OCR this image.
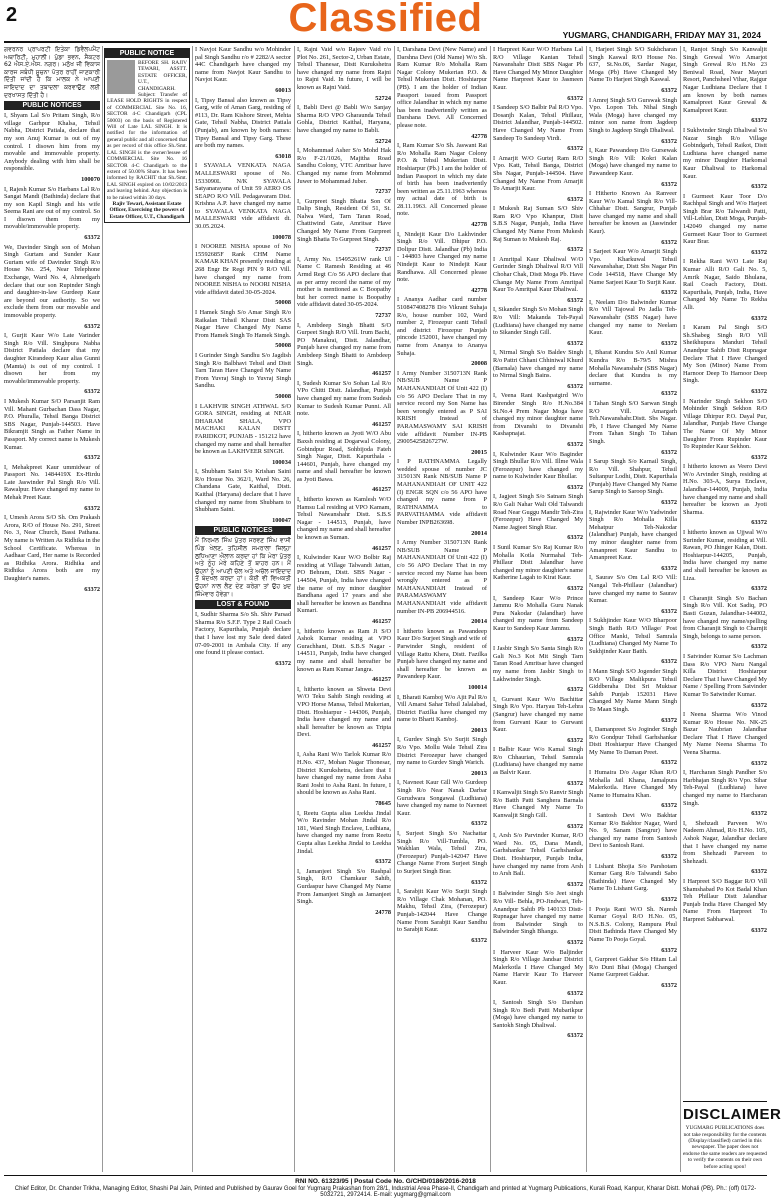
2	Classified	YUGMARG, CHANDIGARH, FRIDAY MAY 31, 2024
ਗਵਰਨਰ ਪ੍ਰਾਪਰਟੀ ਇਤੇਕਾ ਡਿਵੈਲਪਮੈਂਟ ਅਥਾਰਿਟੀ, ਮੁਹਾਲੀ। ਪੁੱਡਾ ਭਵਨ, ਸੈਕਟਰ 62 ਐਸ.ਏ.ਐਸ. ਨਗਰ। ਮਨੁੱਖ ਜੀ ਵਿਕਾਸ ਕਾਰਜ ਸਬੰਧੀ ਸੂਚਨਾ ਪੱਤਰ ਰਾਹੀਂ ਜਾਣਕਾਰੀ ਦਿੱਤੀ ਜਾਂਦੀ ਹੈ ਕਿ ਮਾਲਕ ਨੇ ਆਪਣੀ ਜਾਇਦਾਦ ਦਾ ਤਬਾਦਲਾ ਕਰਵਾਉਣ ਲਈ ਦਰਖਾਸਤ ਦਿੱਤੀ ਹੈ।
PUBLIC NOTICES

I, Shyam Lal S/o Pritam Singh, R/o village Garhpur Khalsa, Tehsil Nabha, District Patiala, declare that my son Anuj Kumar is out of my control. I disown him from my movable and immovable property. Anybody dealing with him shall be responsible.

100070

I, Rajesh Kumar S/o Harbans Lal R/o Sangat Mandi (Bathinda) declare that my son Kapil Singh and his wife Seema Rani are out of my control. So I disown them from my movable/immovable property.

63372

We, Davinder Singh son of Mohan Singh Gurtam and Sunder Kaur Gurtam wife of Davinder Singh R/o House No. 254, Near Telephone Exchange, Ward No. 4, Ahmedgarh declare that our son Rupinder Singh and daughter-in-law Gurdeep Kaur are beyond our authority. So we exclude them from our movable and immovable property.

63372

I, Gurjit Kaur W/o Late Varinder Singh R/o Vill. Singhpura Nabha District Patiala declare that my daughter Kirandeep Kaur alias Gunni (Mamta) is out of my control. I disown her from my movable/immovable property.

63372

I Mukesh Kumar S/O Parsanjit Ram Vill. Mahant Gurbachan Dass Nagar, P.O. Phuralla, Tehsil Banga District SBS Nagar, Punjab-144503. Have Bikramjit Singh as Father Name in Passport. My correct name is Mukesh Kumar.

63372

I, Mehakpreet Kaur ummidwar of Passport No. 1484419X Ex-Hirdu Late Jaswinder Pal Singh R/o Vill. Rawalpur. Have changed my name to Mehak Preet Kaur.

63372

I, Umesh Arora S/O Sh. Om Prakash Arora, R/O of House No. 291, Street No. 3, Near Church, Bassi Pathana. My name is Written As Ridhika in the School Certificate. Whereas in Aadhaar Card, Her name is Recorded as Ridhika Arora. Ridhika and Ridhika Arora both are my Daughter's names.

63372
PUBLIC NOTICE
BEFORE SH. RAJIV TEWARI, ASSTT. ESTATE OFFICER, U.T., CHANDIGARH. Subject: Transfer of LEASE HOLD RIGHTS in respect of COMMERCIAL Site No. 16, SECTOR 4-C Chandigarh (CPL 50003) on the basis of Registered Will of Late LAL SINGH. It is notified for the information of general public and all concerned that as per record of this office Sh./Smt. LAL SINGH is the owner/lessee of COMMERCIAL Site No. 16 SECTOR 4-C Chandigarh to the extent of 50.00% Share. It has been informed by RACHIT that Sh./Smt. LAL SINGH expired on 10/02/2013 and leaving behind. Any objection is to be raised within 30 days.
Rajiv Tewari, Assistant Estate Officer, Exercising the powers of Estate Officer, U.T., Chandigarh

I Navjot Kaur Sandhu w/o Mohinder pal Singh Sandhu r/o # 2282/A sector 44C Chandigarh have changed my name from Navjot Kaur Sandhu to Navjot Kaur.

60013

I, Tipsy Bansal also known as Tipsy Garg, wife of Aman Garg, residing of #113, Dr. Ram Kishore Street, Mehta Gate, Tehsil Nabha, District Patiala (Punjab), am known by both names: Tipsy Bansal and Tipsy Garg. These are both my names.

63018

I SYAVALA VENKATA NAGA MALLESWARI spouse of No. 1533090L N/K SYAVALA Satyanarayana of Unit 59 AERO OS SEAPO R/O Vill. Pedagavaram Dist. Krishna A.P. have changed my name to SYAVALA VENKATA NAGA MALLESWARI vide affidavit dt. 30.05.2024.

100078

I NOOREE NISHA spouse of No 15592685F Rank CHM Name KAMAR KHAN presently residing at 268 Engr Br Regt PIN 9 R/O Vill. have changed my name from NOOREE NISHA to NOORI NISHA vide affidavit dated 30-05-2024.

50008

I Hamek Singh S/o Amar Singh R/o Raikalan Tehsil Kharar Distt SAS Nagar Have Changed My Name From Hamek Singh To Hamek Singh.

50008

I Gurinder Singh Sandhu S/o Jagdish Singh R/o Balbhavi Tehsil and Distt Tarn Taran Have Changed My Name From Yuvraj Singh to Yuvraj Singh Sandhu.

50008

I LAKHVIR SINGH ATHWAL S/O GORA SINGH, residing at NEAR DHARAM SHALA, VPO MACHAKI KALAN DISTT FARIDKOT, PUNJAB - 151212 have changed my name and shall hereafter be known as LAKHVEER SINGH.

100034

I, Shubham Saini S/o Krishan Saini R/o House No. 362/1, Ward No. 26, Chandana Gate, Kaithal, Distt. Kaithal (Haryana) declare that I have changed my name from Shubham to Shubham Saini.

100047
PUBLIC NOTICES
ਮੈਂ ਨਿਰਮਲ ਸਿੰਘ ਪੁੱਤਰ ਸਰਵਣ ਸਿੰਘ ਵਾਸੀ ਪਿੰਡ ਖੇਲਣ, ਤਹਿਸੀਲ ਸਮਰਾਲਾ ਜ਼ਿਲ੍ਹਾ ਲੁਧਿਆਣਾ ਐਲਾਨ ਕਰਦਾ ਹਾਂ ਕਿ ਮੇਰਾ ਪੁੱਤਰ ਅਤੇ ਨੂੰਹ ਮੇਰੇ ਕਹਿਣੇ ਤੋਂ ਬਾਹਰ ਹਨ। ਮੈਂ ਉਹਨਾਂ ਨੂੰ ਆਪਣੀ ਚੱਲ ਅਤੇ ਅਚੱਲ ਜਾਇਦਾਦ ਤੋਂ ਬੇਦਖਲ ਕਰਦਾ ਹਾਂ। ਕੋਈ ਵੀ ਵਿਅਕਤੀ ਉਹਨਾਂ ਨਾਲ ਲੈਣ ਦੇਣ ਕਰੇਗਾ ਤਾਂ ਉਹ ਖੁਦ ਜ਼ਿੰਮੇਵਾਰ ਹੋਵੇਗਾ।
LOST & FOUND

I, Sudhir Sharma S/o Sh. Shiv Parsad Sharma R/o S.F.F. Type 2 Rail Coach Factory, Kapurthala, Punjab declare that I have lost my Sale deed dated 07-09-2001 in Ambala City. If any one found it please contact.

63372

I, Rajni Vaid w/o Rajeev Vaid r/o Plot No. 261, Sector-2, Urban Estate, Tehsil Thanesar, Distt Kurukshetra have changed my name from Rajni to Rajni Vaid. In future, I will be known as Rajni Vaid.

52724

I, Babli Devi @ Babli W/o Sanjay Sharma R/O VPO Gharaunda Tehsil Gohla, District Kaithal, Haryana, have changed my name to Babli.

52724

I, Mohammad Asher S/o Mohd Hak R/o F-21/1026, Majitha Road Sandhu Colony, VTC Amritsar have Changed my name from Mohmmd Juwer to Mohammad Juber.

72737

I, Gurpreet Singh Bhatia Son Of Dalip Singh, Resident Of 51, St. Nalwa Ward, Tarn Taran Road, Chattiwind Gate, Amritsar Have Changed My Name From Gurpreet Singh Bhatia To Gurpreet Singh.

72737

I, Army No. 15495261W rank Ul Name C Ramesh Residing at 46 Armd Regt C/o 56 APO declare that as per army record the name of my mother is mentioned as C Boopathy but her correct name is Boopathy vide affidavit dated 30-05-2024.

72737

I, Ambdeep Singh Bhatti S/O Gurpeet Singh R/O Vill. Irum Bachi, PO Manakrai, Distt. Jalandhar, Punjab have changed my name from Ambdeep Singh Bhatti to Ambdeep Singh.

461257

I, Sudesh Kumar S/o Sohan Lal R/o VPo Chitti Distt. Jalandhar, Punjab have changed my name from Sudesh Kumar to Sudesh Kumar Punni. All note.

461257

I, hitherto known as Jyoti W/O Abu Baxsh residing at Dogarwal Colony, Gobindpur Road, Sohbijoda Fateh Singh Nagar, Distt. Kapurthala - 144601, Punjab, have changed my name and shall hereafter be known as Jyoti Bawa.

461257

I, hitherto known as Kamlesh W/O Hamsu Lal residing at VPO Kamam, Tehsil Nawanshahr Distt. S.B.S Nagar - 144513, Punjab, have changed my name and shall hereafter be known as Suman.

461257

I, Kulwinder Kaur W/O Bolbir Raj residing at Village Talwandi Jattan, PO Behram, Distt. SBS Nagar - 144504, Punjab, India have changed the name of my minor daughter Bandhana aged 17 years and she shall hereafter be known as Bandhna Kumari.

461257

I, hitherto known as Ram Ji S/O Ashok Kumar residing at VPO Gurachhani, Distt. S.B.S Nagar - 144511, Punjab, India have changed my name and shall hereafter be known as Ram Kumar Jangra.

461257

I, hitherto known as Shweta Devi W/O Teku Sahib Singh residing at VPO Horse Mansa, Tehsil Mukerian, Distt. Hoshiarpur - 144306, Punjab, India have changed my name and shall hereafter be known as Tripta Devi.

461257

I, Asha Rani W/o Tarlok Kumar R/o H.No. 437, Mohan Nagar Thonesar, District Kurukshetra, declare that I have changed my name from Asha Rani Joshi to Asha Rani. In future, I should be known as Asha Rani.

78645

I, Reetu Gupta alias Leekha Jindal W/o Ravinder Mohan Jindal R/o 181, Ward Singh Enclave, Ludhiana, have changed my name from Reetu Gupta alias Leekha Jindal to Leekha Jindal.

63372

I, Jamanjeet Singh S/o Rashpal Singh, R/O Chamkaur Sahib, Gurdaspur have Changed My Name From Jamanjeet Singh as Jamanjeet Singh.

24778

I, Darshana Devi (New Name) and Darshna Devi (Old Name) W/o Sh. Ram Kumar R/o Mohalla Ram Nagar Colony Mukerian P.O. & Tehsil Mukerian Distt. Hoshiarpur (PB). I am the holder of Indian Passport issued from Passport office Jalandhar in which my name has been inadvertently written as Darshana Devi. All Concerned please note.

42778

I, Ram Kumar S/o Sh. Jaswant Rai R/o Mohalla Ram Nagar Colony P.O. & Tehsil Mukerian Distt. Hoshiarpur (Pb.) I am the holder of Indian Passport in which my date of birth has been inadvertently been written as 25.11.1963 whereas my actual date of birth is 28.11.1963. All Concerned please note.

42778

I, Nindejit Kaur D/o Lakhvinder Singh R/o Vill. Dhipur P.O. Dolipur Distt. Jalandhar (Pb) India - 144803 have Changed my name Nindejit Kaur to Nindejit Kaur Randhawa. All Concerned please note.

42778

I Ananya Aadhar card number 510847408278 D/o Vikrant Suhaja R/o, house number 102, Ward number 2, Firozepur cantt Tehsil and district Firozepur Punjab pincode 152001, have changed my name from Ananya to Ananya Suhaja.

20008

I Army Number 3150713N Rank NB/SUB Name P MAHANANDIAH Of Unit 422 (I) c/o 56 APO Declare That in my service record my Son Name has been wrongly entered as P SAI KRISH Instead of PARAMASWAMY SAI KRISH vide affidavit Number IN-PB 29005425826727W.

20015

I P RATHNAMMA Legally wedded spouse of number JC 315013N Rank NB/SUB Name P MAHANANDIAH OF UNIT 422 (I) ENGR SQN c/o 56 APO have changed my name from P RATHNAMMA to PARVATHAMMA vide affidavit Number INPB263698.

20014

I Army Number 3150713N Rank NB/SUB Name P MAHANANDIAH Of Unit 422 (I) c/o 56 APO Declare That in my service record my Name has been wrongly entered as P MAHANANDIAH Instead of PARAMASWAMY MAHANANDIAH vide affidavit number IN-PB 206944516.

20014

I hitherto known as Pawandeep Kaur D/o Surjeet Singh and wife of Parwinder Singh, resident of Village Rattu Khera, Distt. Fazilka Punjab have changed my name and shall hereafter be known as Pawandeep Kaur.

100014

I, Bharati Kamboj W/o Ajit Pal R/o Vill Amarsi Sahar Tehsil Jalalabad, District Fazilka have changed my name to Bharti Kamboj.

20013

I, Gurdev Singh S/o Surjit Singh R/o Vpo. Mollu Wale Tehsil Zira District Ferozepur have changed my name to Gurdev Singh Warich.

20013

I, Navneet Kaur Gill W/o Gurdeep Singh R/o Near Nanak Darbar Gurudwara Songawal (Ludhiana) have changed my name to Navneet Kaur.

63372

I, Surjeet Singh S/o Nachattar Singh R/o Vill-Tumbla, PO. Wakhlan Wala, Tehsil Zira, (Ferozepur) Punjab-142047 Have Change Name From Surjeet Singh to Surjeet Singh Brar.

63372

I, Sarabjit Kaur W/o Surjit Singh R/o Village Chak Mohanan, PO. Makhu, Tehsil Zira, (Ferozepur) Punjab-142044 Have Change Name From Sarabjit Kaur Sandhu to Sarabjit Kaur.

63372

I Harpreet Kaur W/O Harbans Lal R/O Village Kanian Tehsil Nawanshahr Distt SBS Nagar Pb Have Changed My Minor Daughter Name Harpreet Kaur to Jasmeen Kaur.

63372

I Sandeep S/O Balbir Pal R/O Vpo. Dosanjh Kalan, Tehsil Phillaur, District Jalandhar, Punjab-144502. Have Changed My Name From Sandeep To Sandeep Virdi.

63372

I Amarjit W/O Gurtej Ram R/O Vpo. Katt, Tehsil Banga, District Sbs Nagar, Punjab-144504. Have Changed My Name From Amarjit To Amarjit Kaur.

63372

I Mukesh Raj Suman S/O Shiv Ram R/O Vpo Khanpur, Distt S.B.S Nagar, Punjab, India Have Changed My Name From Mukesh Raj Suman to Mukesh Raj.

63372

I Amritpal Kaur Dhaliwal W/O Gurinder Singh Dhaliwal R/O Vill Chohar Chak, Distt Moga Pb. Have Change My Name From Amritpal Kaur To Amritpal Kaur Dhaliwal.

63372

I, Sikander Singh S/o Mohan Singh R/o Vill: Makanda Teh-Payal (Ludhiana) have changed my name to Sikander Singh Gill.

63372

I, Nirmal Singh S/o Baldev Singh R/o Pattri Chhani Chhiniwal Khurd (Barnala) have changed my name to Nirmal Singh Bains.

63372

I, Veena Rani Kashpatgird W/o Birender Singh R/o H.No.384 St.No.4 Prem Nagar Moga have changed my minor daughter name from Divanshi to Divanshi Kashapnajat.

63372

I, Kulwinder Kaur W/o Baginder Singh Bhullar R/o Vill. Illme Wala (Ferozepur) have changed my name to Kulwinder Kaur Bhullar.

63372

I, Jagjeet Singh S/o Satnam Singh R/o Gali Nahar Wali Old Talwandi Road Near Guggu Mandir Teh-Zira (Ferozepur) Have Changed My Name Jagjeet Singh Riar.

63372

I Sunil Kumar S/o Raj Kumar R/o Mohalla Kotla Nurmahal Teh-Phillaur Distt Jalandhar have changed my minor daughter's name Katherine Lagah to Kirat Kaur.

63372

I, Sandeep Kaur W/o Prince Jammu R/o Mohalla Guru Nanak Pura Nakodar (Jalandhar) have changed my name from Sandeep Kaur to Sandeep Kaur Jammu.

63372

I Jasbir Singh S/o Santa Singh R/o Gali No.3 Kot Mit Singh Tarn Taran Road Amritsar have changed my name from Jasbir Singh to Lakhwinder Singh.

63372

I, Gurvant Kaur W/o Bachittar Singh R/o Vpo. Haryau Teh-Lehra (Sangrur) have changed my name from Gurvant Kaur to Gurwant Kaur.

63372

I Balbir Kaur W/o Kamal Singh R/o Chhaurian, Tehsil Samrala (Ludhiana) have changed my name as Balvir Kaur.

63372

I Kanwaljit Singh S/o Ranvir Singh R/o Batth Patti Sanghera Barnala Have Changed My Name To Kanwaljit Singh Gill.

63372

I, Arsh S/o Parvinder Kumar, R/O Ward No. 05, Dana Mandi, Garhshankar Tehsil Garhshankar Distt. Hoshiarpur, Punjab India, have changed my name from Arsh to Arsh Bali.

63372

I Balwinder Singh S/o Jeet singh R/o Vill- Behla, PO-Jindwari, Teh- Anandpur Sahib Pb 140133 Distt- Rupnagar have changed my name from Balwinder Singh to Balwinder Singh Bhangu.

63372

I Harveer Kaur W/o Baljinder Singh R/o Village Jandsar District Malerkotla I Have Changed My Name Harvir Kaur To Harveer Kaur.

63372

I, Santosh Singh S/o Darshan Singh R/o Bedi Patti Mubarikpur (Moga) have changed my name to Santokh Singh Dhaliwal.

63372

I, Harjeet Singh S/O Sukhcharan Singh Kaswal R/O House No. 637, St.No.06, Sardar Nagar, Moga (Pb) Have Changed My Name To Harjeet Singh Kaswal.

63372

I Amrej Singh S/O Gurswak Singh Vpo. Lopon Teh. Nihal Singh Wala (Moga) have changed my minor son name from Jagdeep Singh to Jagdeep Singh Dhaliwal.

63372

I, Kaur Pawandeep D/o Gursewak Singh R/o Vill: Kokri Kalan (Moga) have changed my name to Pawandeep Kaur.

63372

I Hitherto Known As Ranveer Kaur W/o Kamal Singh R/o Vill-Chhahar Distt. Sangrur, Punjab have changed my name and shall hereafter be known as (Jaswinder Kaur).

63372

I Sarjeet Kaur W/o Amarjit Singh Vpo. Kharkuwal Tehsil Nawanshahar, Distt Sbs Nagar Pin Code 144518, Have Change My Name Sarjeet Kaur To Surjit Kaur.

63372

I, Neelam D/o Balwinder Kumar R/o Vill Tajowal Po Jadla Teh-Nawanshahr (SBS Nagar) have changed my name to Neelam Kaur.

63372

I, Bharat Kundra S/o Anil Kumar Kundra R/o B-79/5 Mishra Mohalla Nawanshahr (SBS Nagar) declare that Kundra is my surname.

63372

I Tahan Singh S/O Sarwan Singh R/O Vill. Amargarh Teh.Nawanshahr.Distt. Sbs Nagar. Pb, I Have Changed My Name From Tahan Singh To Tahan Singh.

63372

I Sarup Singh S/o Karnail Singh, R/o Vill. Shahpur, Tehsil Sultanpur Lodhi, Distt. Kapurthala (Punjab) Have Changed My Name Sarup Singh to Saroop Singh.

63372

I, Rajwinder Kaur W/o Yadwinder Singh R/o Mohalla Killa Mehatpur Teh-Nakodar (Jalandhar) Punjab, have changed my minor daughter name from Amanpreet Kaur Sandhu to Amanpreet Kaur.

63372

I, Saurav S/o Om Lal R/O Vill: Nangal Teh-Phillaur (Jalandhar) have changed my name to Saurav Kumar.

63372

I Sukhjinder Kaur W/O Bharpoor Singh Batth R/O Village/ Post Office Manki, Tehsil Samrala (Ludhiana) Changed My Name To Sukhjinder Kaur Batth.

63372

I Mann Singh S/O Jogender Singh R/O Village Malikpura Tehsil Giddberaha Dist Sri Muktsar Sahib Punjab 152031 Have Changed My Name Mann Singh To Maan Singh.

63372

I, Damanpreet S/o Joginder Singh R/o Gondpur Tehsil Garhshankar Distt Hoshiarpur Have Changed My Name To Daman Preet.

63372

I Humaira D/o Asgar Khan R/O Mohalla Jail Khana, Jamalpura Malerkotla. Have Changed My Name to Humaira Khan.

63372

I Santosh Devi W/o Bakhtar Kumar R/o Bakhtor Nagar, Ward No. 9, Sanam (Sangrur) have changed my name from Santosh Devi to Santosh Rani.

63372

I Lishant Bhojia S/o Parshotam Kumar Garg R/o Talwandi Sabo (Bathinda) Have Changed My Name To Lishant Garg.

63372

I Pooja Rani W/O Sh. Naresh Kumar Goyal R/O H.No. 05, N.S.B.S. Colony, Rampura Phul Distt Bathinda Have Changed My Name To Pooja Goyal.

63372

I, Gurpreet Gakhar S/o Hitam Lal R/o Duni Bhai (Moga) Changed Name Gurpreet Gakhar.

63372

I, Ranjot Singh S/o Kanwaljit Singh Grewal W/o Amarjot Singh Grewal R/o H.No 23 Beniwal Road, Near Mayuri Resort, Panchsheel Vihar, Rajgur Nagar Ludhiana Declare that I am known by both names Kamalpreet Kaur Grewal & Kamalpreet Kaur.

63372

I Sukhvinder Singh Dhaliwal S/o Nazar Singh R/o Village Gobindgarh, Tehsil Raikot, Distt Ludhiana have changed name my minor Daughter Harkomal Kaur Dhaliwal to Harkomal Kaur.

63372

I Gurmeet Kaur Toor D/o Rachhpal Singh and W/o Harjeet Singh Brar R/o Talwandi Patti, Vill-Lehlan, Distt Moga, Punjab-142049 changed my name Gurmeet Kaur Toor to Gurmeet Kaur Brar.

63372

I Rekha Rani W/O Late Raj Kumar Alli R/O Gali No. 5, Amrik Nagar, Saido Bhulana, Rail Coach Factory, Distt. Kapurthala, Punjab, India, Have Changed My Name To Rekha Alli.

63372

I Karam Pal Singh S/O Sh.Shabeg Singh R/O Vill Sheikhupura Manduri Tehsil Anandpur Sahib Distt Rupnagar Declare That I Have Changed My Son (Minor) Name From Harnoor Deep To Harnoor Deep Singh.

63372

I Narinder Singh Sekhon S/O Mohinder Singh Sekhon R/O Village Dhirpur P.O. Dayal Pur, Jalandhar, Punjab Have Change The Name Of My Minor Daughter From Rupinder Kaur To Rupinder Kaur Sekhon.

63372

I hitherto known as Veero Devi W/o Arvinder Singh, residing at H.No. 303-A, Surya Enclave, Jalandhar-144009, Punjab, India have changed my name and shall hereafter be known as Jyoti Sharma.

63372

I hitherto known as Ujjwal W/o Surinder Kumar, residing at Vill. Rawan, PO Jhinger Kalan, Distt. Hoshiarpur-144205, Punjab, India have changed my name and shall hereafter be known as Liza.

63372

I Charanjit Singh S/o Bachan Singh R/o Vill. Kot Sadiq, PO Basti Guzan, Jalandhar-144002, have changed my name/spelling from Charanjit Singh to Charnjit Singh, belongs to same person.

63372

I Satvinder Kumar S/o Lachman Dass R/o VPO Naru Nangal Killa District Hoshiarpur Declare That I have Changed My Name / Spelling From Satvinder Kumar To Satwinder Kumar.

63372

I Neena Sharma W/o Vinod Kumar R/o House No. NK-25 Bazar Naubrian Jalandhar Declare That I Have Changed My Name Neena Sharma To Veena Sharma.

63372

I, Harcharan Singh Pandher S/o Harbhajan Singh R/o Vpo. Sihar Teh-Payal (Ludhiana) have changed my name to Harcharan Singh.

63372

I, Shehzadi Parveen W/o Nadeem Ahmad, R/o H.No. 105, Ashok Nagar, Jalandhar declare that I have changed my name from Shehzadi Parveen to Shehzadi.

63372

I Harpreet S/O Baggar R/O Vill Shamshabad Po Kot Badal Khan Teh Phillaur Distt Jalandhar Punjab India Have Changed My Name From Harpreet To Harpreet Sabharwal.

63372
DISCLAIMER
YUGMARG PUBLICATIONS does not take responsibility for the contents (Display/classified) carried in this newspaper. The paper does not endorse the same readers are requested to verify the contents on their own before acting upon!
RNI NO. 61323/95 | Postal Code No. G/CHD/0186/2016-2018
Chief Editor, Dr. Chander Trikha, Managing Editor, Shashi Pal Jain, Printed and Published by Gaurav Goel for Yugmarg Prakashan from 28/1, Industrial Area Phase-II, Chandigarh and printed at Yugmarg Publications, Kurali Road, Kanpur, Kharar Distt. Mohali (PB). Ph.: (off) 0172-5032721, 2972414. E-mail: yugmarg@gmail.com
